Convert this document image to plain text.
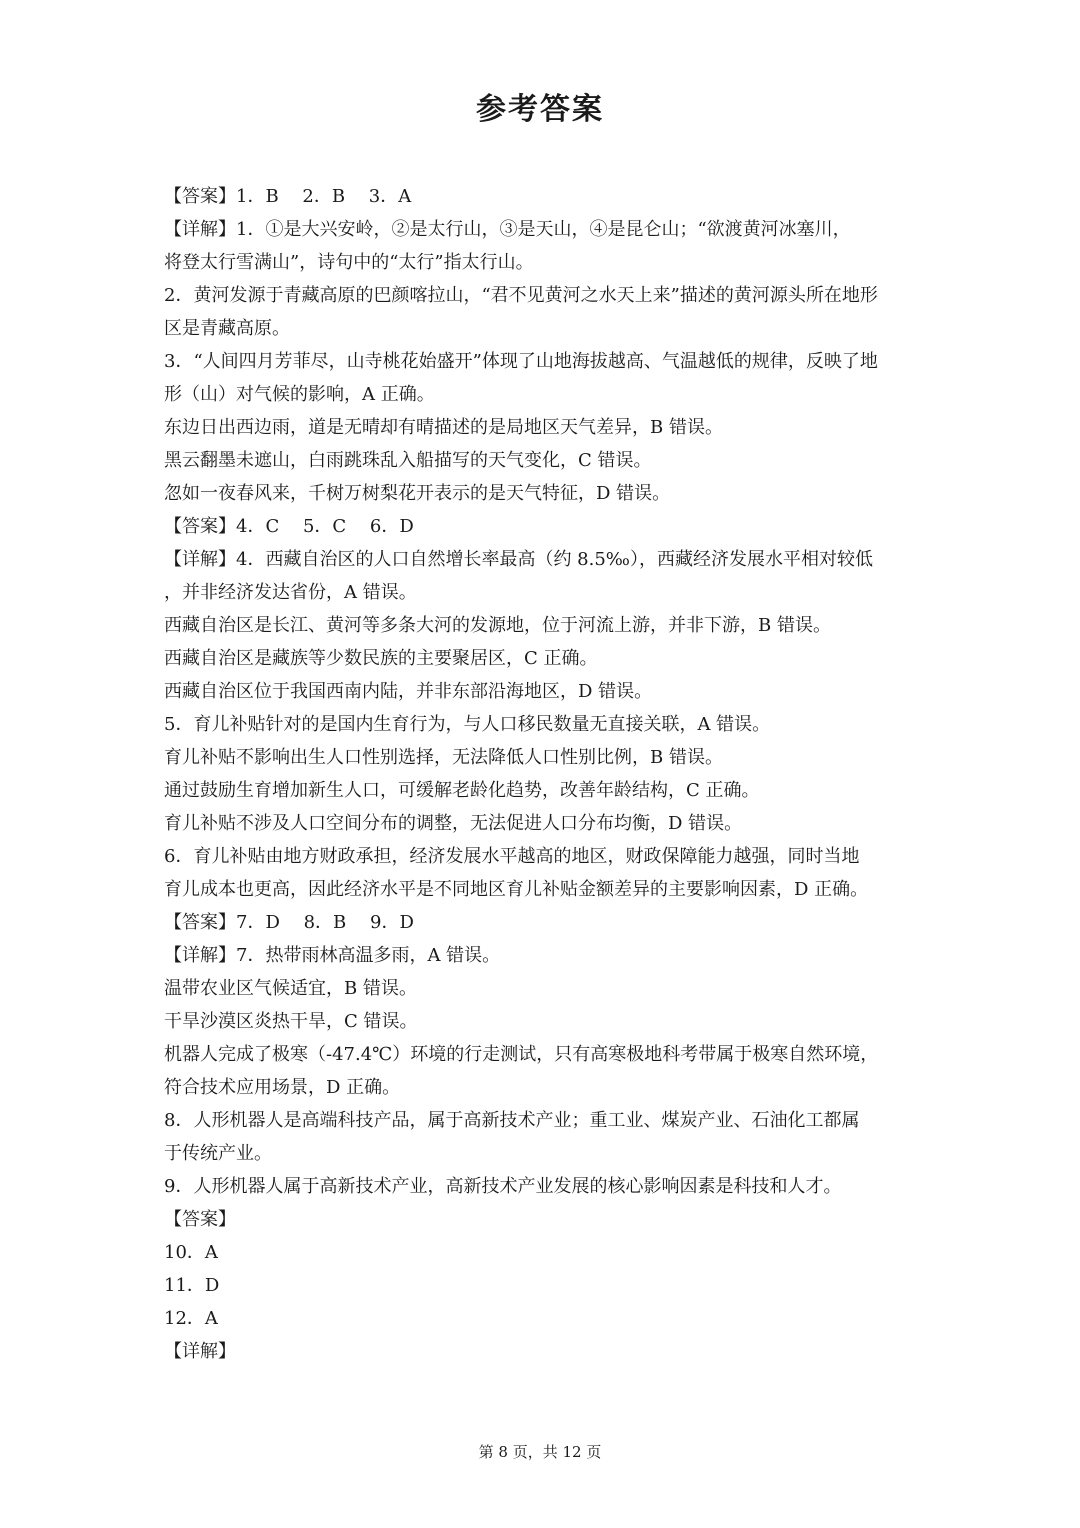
参考答案
【答案】1．B　 2．B　 3．A
【详解】1．①是大兴安岭，②是太行山，③是天山，④是昆仑山；“欲渡黄河冰塞川，
将登太行雪满山”，诗句中的“太行”指太行山。
2．黄河发源于青藏高原的巴颜喀拉山，“君不见黄河之水天上来”描述的黄河源头所在地形
区是青藏高原。
3．“人间四月芳菲尽，山寺桃花始盛开”体现了山地海拔越高、气温越低的规律，反映了地
形（山）对气候的影响，A 正确。
东边日出西边雨，道是无晴却有晴描述的是局地区天气差异，B 错误。
黑云翻墨未遮山，白雨跳珠乱入船描写的天气变化，C 错误。
忽如一夜春风来，千树万树梨花开表示的是天气特征，D 错误。
【答案】4．C　 5．C　 6．D
【详解】4．西藏自治区的人口自然增长率最高（约 8.5‰），西藏经济发展水平相对较低
，并非经济发达省份，A 错误。
西藏自治区是长江、黄河等多条大河的发源地，位于河流上游，并非下游，B 错误。
西藏自治区是藏族等少数民族的主要聚居区，C 正确。
西藏自治区位于我国西南内陆，并非东部沿海地区，D 错误。
5．育儿补贴针对的是国内生育行为，与人口移民数量无直接关联，A 错误。
育儿补贴不影响出生人口性别选择，无法降低人口性别比例，B 错误。
通过鼓励生育增加新生人口，可缓解老龄化趋势，改善年龄结构，C 正确。
育儿补贴不涉及人口空间分布的调整，无法促进人口分布均衡，D 错误。
6．育儿补贴由地方财政承担，经济发展水平越高的地区，财政保障能力越强，同时当地
育儿成本也更高，因此经济水平是不同地区育儿补贴金额差异的主要影响因素，D 正确。
【答案】7．D　 8．B　 9．D
【详解】7．热带雨林高温多雨，A 错误。
温带农业区气候适宜，B 错误。
干旱沙漠区炎热干旱，C 错误。
机器人完成了极寒（-47.4℃）环境的行走测试，只有高寒极地科考带属于极寒自然环境，
符合技术应用场景，D 正确。
8．人形机器人是高端科技产品，属于高新技术产业；重工业、煤炭产业、石油化工都属
于传统产业。
9．人形机器人属于高新技术产业，高新技术产业发展的核心影响因素是科技和人才。
【答案】
10．A
11．D
12．A
【详解】
第 8 页，共 12 页
